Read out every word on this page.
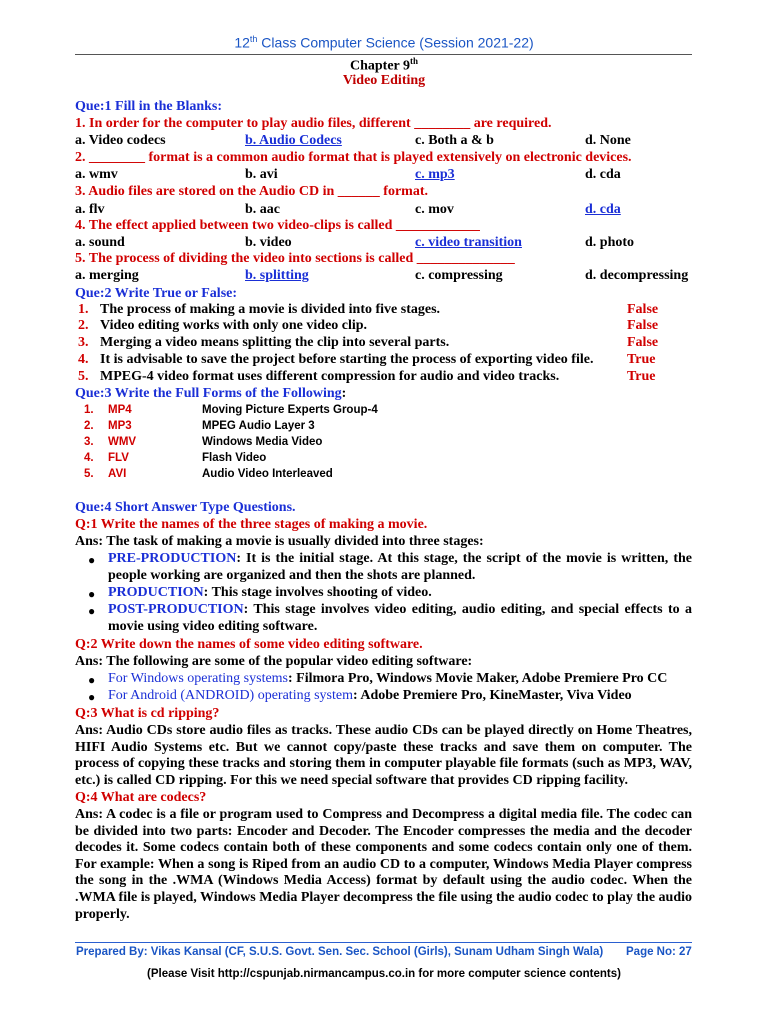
12th Class Computer Science (Session 2021-22)
Chapter 9th
Video Editing
Que:1 Fill in the Blanks:
1. In order for the computer to play audio files, different ________ are required.
a. Video codecs	b. Audio Codecs	c. Both a & b	d. None
2. ________ format is a common audio format that is played extensively on electronic devices.
a. wmv	b. avi	c. mp3	d. cda
3. Audio files are stored on the Audio CD in ______ format.
a. flv	b. aac	c. mov	d. cda
4. The effect applied between two video-clips is called ____________
a. sound	b. video	c. video transition	d. photo
5. The process of dividing the video into sections is called ______________
a. merging	b. splitting	c. compressing	d. decompressing
Que:2 Write True or False:
1. The process of making a movie is divided into five stages.	False
2. Video editing works with only one video clip.	False
3. Merging a video means splitting the clip into several parts.	False
4. It is advisable to save the project before starting the process of exporting video file. True
5. MPEG-4 video format uses different compression for audio and video tracks.	True
Que:3 Write the Full Forms of the Following:
1. MP4	Moving Picture Experts Group-4
2. MP3	MPEG Audio Layer 3
3. WMV	Windows Media Video
4. FLV	Flash Video
5. AVI	Audio Video Interleaved
Que:4 Short Answer Type Questions.
Q:1 Write the names of the three stages of making a movie.
Ans: The task of making a movie is usually divided into three stages:
● PRE-PRODUCTION: It is the initial stage. At this stage, the script of the movie is written, the people working are organized and then the shots are planned.
● PRODUCTION: This stage involves shooting of video.
● POST-PRODUCTION: This stage involves video editing, audio editing, and special effects to a movie using video editing software.
Q:2 Write down the names of some video editing software.
Ans: The following are some of the popular video editing software:
● For Windows operating systems: Filmora Pro, Windows Movie Maker, Adobe Premiere Pro CC
● For Android (ANDROID) operating system: Adobe Premiere Pro, KineMaster, Viva Video
Q:3 What is cd ripping?
Ans: Audio CDs store audio files as tracks. These audio CDs can be played directly on Home Theatres, HIFI Audio Systems etc. But we cannot copy/paste these tracks and save them on computer. The process of copying these tracks and storing them in computer playable file formats (such as MP3, WAV, etc.) is called CD ripping. For this we need special software that provides CD ripping facility.
Q:4 What are codecs?
Ans: A codec is a file or program used to Compress and Decompress a digital media file. The codec can be divided into two parts: Encoder and Decoder. The Encoder compresses the media and the decoder decodes it. Some codecs contain both of these components and some codecs contain only one of them. For example: When a song is Riped from an audio CD to a computer, Windows Media Player compress the song in the .WMA (Windows Media Access) format by default using the audio codec. When the .WMA file is played, Windows Media Player decompress the file using the audio codec to play the audio properly.
Prepared By: Vikas Kansal (CF, S.U.S. Govt. Sen. Sec. School (Girls), Sunam Udham Singh Wala) Page No: 27
(Please Visit http://cspunjab.nirmancampus.co.in for more computer science contents)
